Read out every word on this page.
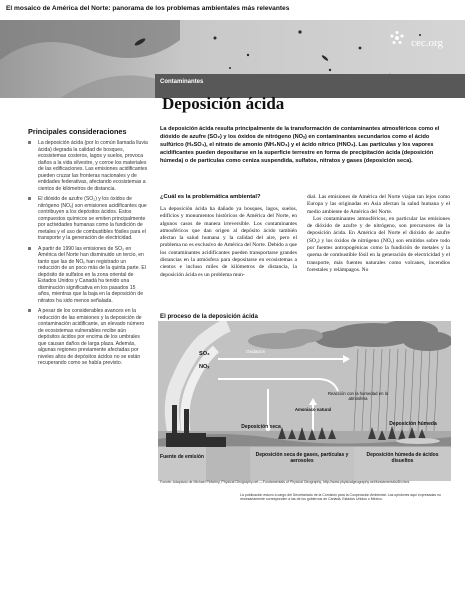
El mosaico de América del Norte: panorama de los problemas ambientales más relevantes
cec.org
Contaminantes
Deposición ácida
Principales consideraciones
La deposición ácida (por lo común llamada lluvia ácida) degrada la calidad de bosques, ecosistemas costeros, lagos y suelos, provoca daños a la vida silvestre, y corroe los materiales de las edificaciones. Las emisiones acidificantes pueden cruzar las fronteras nacionales y de entidades federativas, afectando ecosistemas a cientos de kilómetros de distancia.
El dióxido de azufre (SO₂) y los óxidos de nitrógeno (NOₓ) son emisiones acidificantes que contribuyen a los depósitos ácidos. Estos compuestos químicos se emiten principalmente por actividades humanas como la fundición de metales y el uso de combustibles fósiles para el transporte y la generación de electricidad.
A partir de 1990 las emisiones de SO₂ en América del Norte han disminuido un tercio, en tanto que las de NOₓ han registrado un reducción de un poco más de la quinta parte. El depósito de sulfatos en la zona oriental de Estados Unidos y Canadá ha tenido una disminución significativa en los pasados 15 años, mientras que la baja en la deposición de nitratos ha sido menos señalada.
A pesar de los considerables avances en la reducción de las emisiones y la deposición de contaminación acidificante, un elevado número de ecosistemas vulnerables recibe aún depósitos ácidos por encima de los umbrales que causan daños de larga plaza. Además, algunas regiones previamente afectadas por niveles altos de depósitos ácidos no se están recuperando como se había previsto.

La deposición ácida resulta principalmente de la transformación de contaminantes atmosféricos como el dióxido de azufre (SO₂) y los óxidos de nitrógeno (NOₓ) en contaminantes secundarios como el ácido sulfúrico (H₂SO₄), el nitrato de amonio (NH₄NO₃) y el ácido nítrico (HNO₃). Las partículas y los vapores acidificantes pueden depositarse en la superficie terrestre en forma de precipitación ácida (deposición húmeda) o de partículas como ceniza suspendida, sulfatos, nitratos y gases (deposición seca).

¿Cuál es la problemática ambiental?

La deposición ácida ha dañado ya bosques, lagos, suelos, edificios y monumentos históricos de América del Norte, en algunos casos de manera irreversible. Los contaminantes atmosféricos que dan origen al depósito ácido también afectan la salud humana y la calidad del aire, pero el problema no es exclusivo de América del Norte. Debido a que los contaminantes acidificantes pueden transportarse grandes distancias en la atmósfera para depositarse en ecosistemas a cientos e incluso miles de kilómetros de distancia, la deposición ácida es un problema mun-

dial. Las emisiones de América del Norte viajan tan lejos como Europa y las originadas en Asia afectan la salud humana y el medio ambiente de América del Norte.

Los contaminantes atmosféricos, en particular las emisiones de dióxido de azufre y de nitrógeno, son precursores de la deposición ácida. En América del Norte el dióxido de azufre (SO₂) y los óxidos de nitrógeno (NOₓ) son emitidos sobre todo por fuentes antropogénicas como la fundición de metales y la quema de combustible fósil en la generación de electricidad y el transporte, más fuentes naturales como volcanes, incendios forestales y relámpagos. No

El proceso de la deposición ácida
SO₂
NOₓ
Oxidación
Reacción con la humedad en la atmósfera
Amoniaco natural
Deposición seca	Deposición húmeda
Fuente de emisión	Deposición seca de gases, partículas y aerosoles
Deposición húmeda de ácidos disueltos

Fuente: Adaptado de Michael Pidwirny, Physical Geography.net —Fundamentals of Physical Geography, http://www.physicalgeography.net/fundamentals/8h.html.

La publicación estuvo a cargo del Secretariado de la Comisión para la Cooperación Ambiental. Las opiniones aquí expresadas no necesariamente corresponden a las de los gobiernos de Canadá, Estados Unidos o México.
